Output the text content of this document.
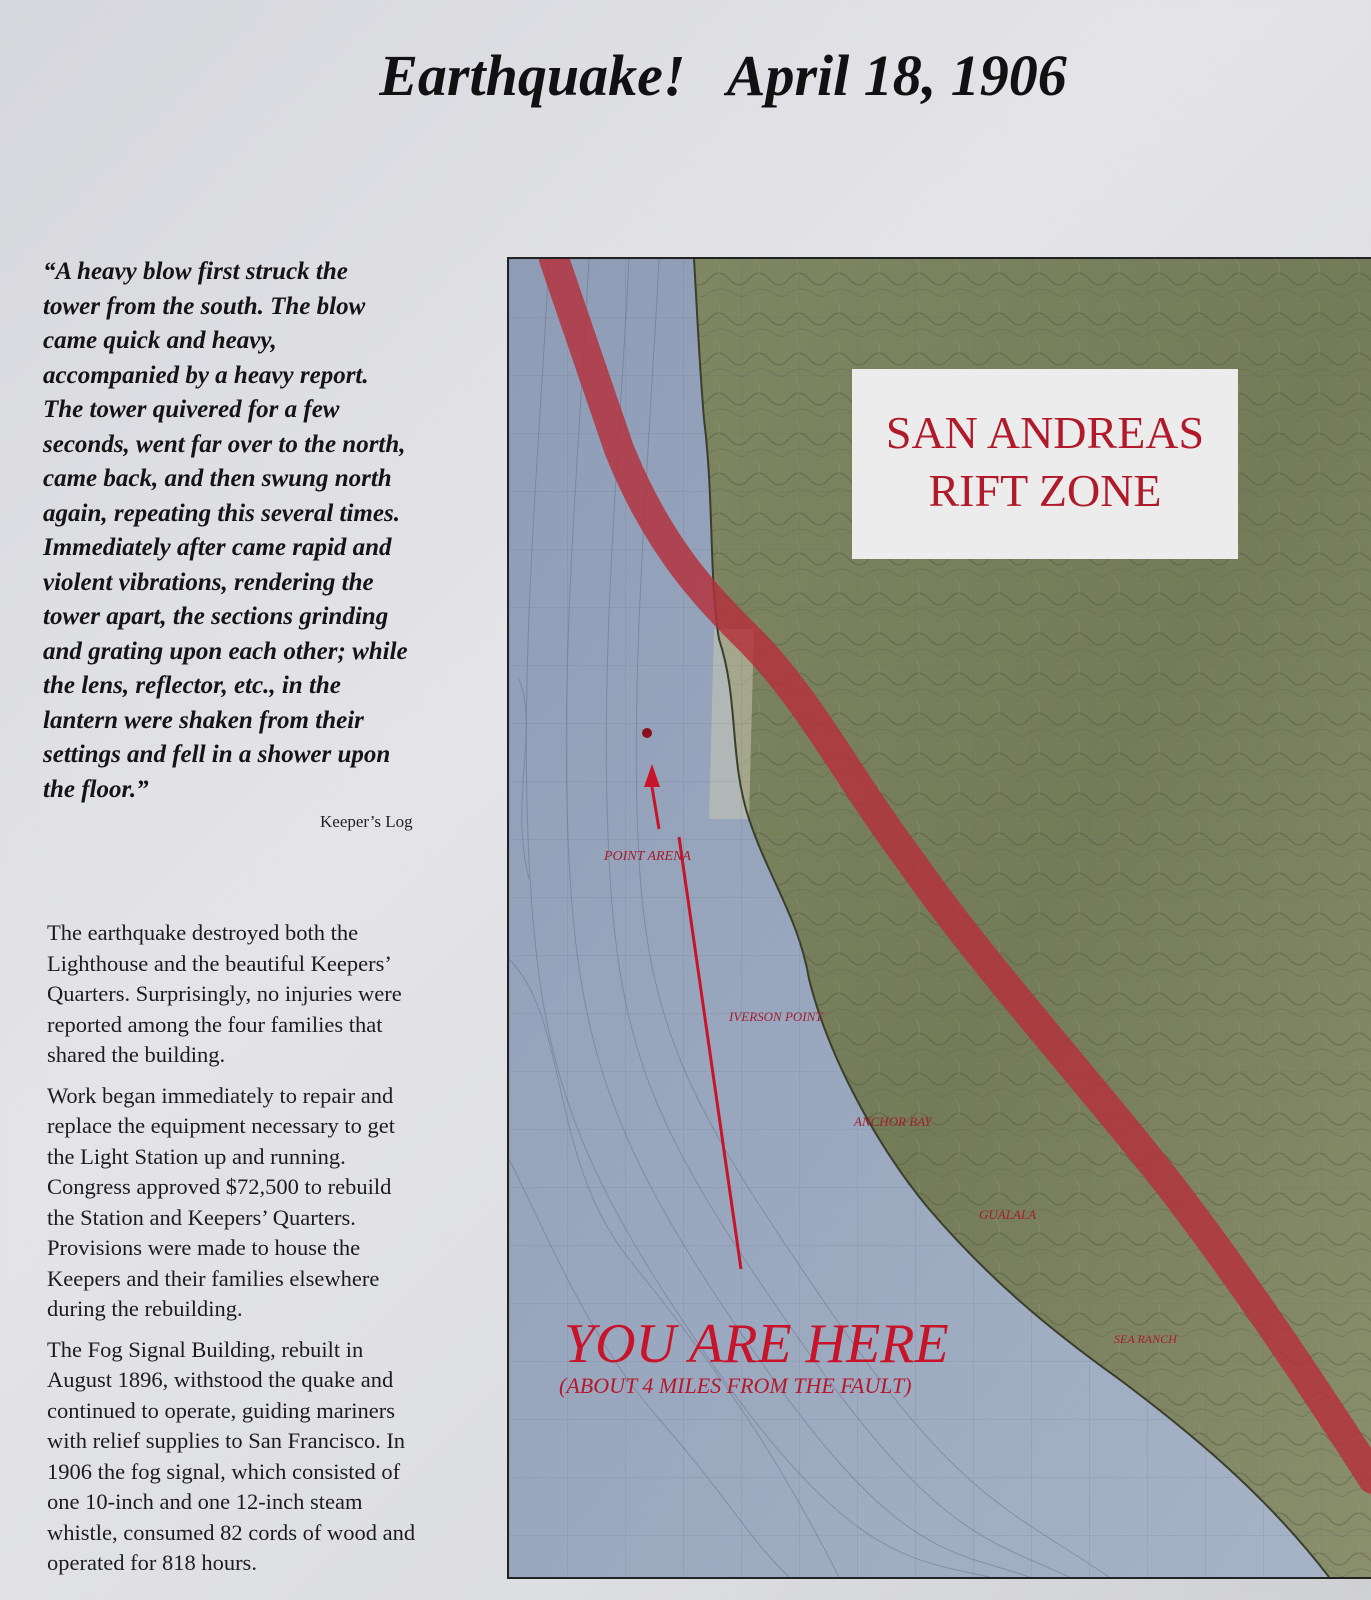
Earthquake!   April 18, 1906
“A heavy blow first struck the
tower from the south. The blow
came quick and heavy,
accompanied by a heavy report.
The tower quivered for a few
seconds, went far over to the north,
came back, and then swung north
again, repeating this several times.
Immediately after came rapid and
violent vibrations, rendering the
tower apart, the sections grinding
and grating upon each other; while
the lens, reflector, etc., in the
lantern were shaken from their
settings and fell in a shower upon
the floor.”
Keeper’s Log

The earthquake destroyed both the
Lighthouse and the beautiful Keepers’
Quarters. Surprisingly, no injuries were
reported among the four families that
shared the building.

Work began immediately to repair and
replace the equipment necessary to get
the Light Station up and running.
Congress approved $72,500 to rebuild
the Station and Keepers’ Quarters.
Provisions were made to house the
Keepers and their families elsewhere
during the rebuilding.

The Fog Signal Building, rebuilt in
August 1896, withstood the quake and
continued to operate, guiding mariners
with relief supplies to San Francisco. In
1906 the fog signal, which consisted of
one 10-inch and one 12-inch steam
whistle, consumed 82 cords of wood and
operated for 818 hours.

SAN ANDREAS
RIFT ZONE
POINT ARENA
IVERSON POINT
ANCHOR BAY
GUALALA
SEA RANCH
YOU ARE HERE
(ABOUT 4 MILES FROM THE FAULT)
